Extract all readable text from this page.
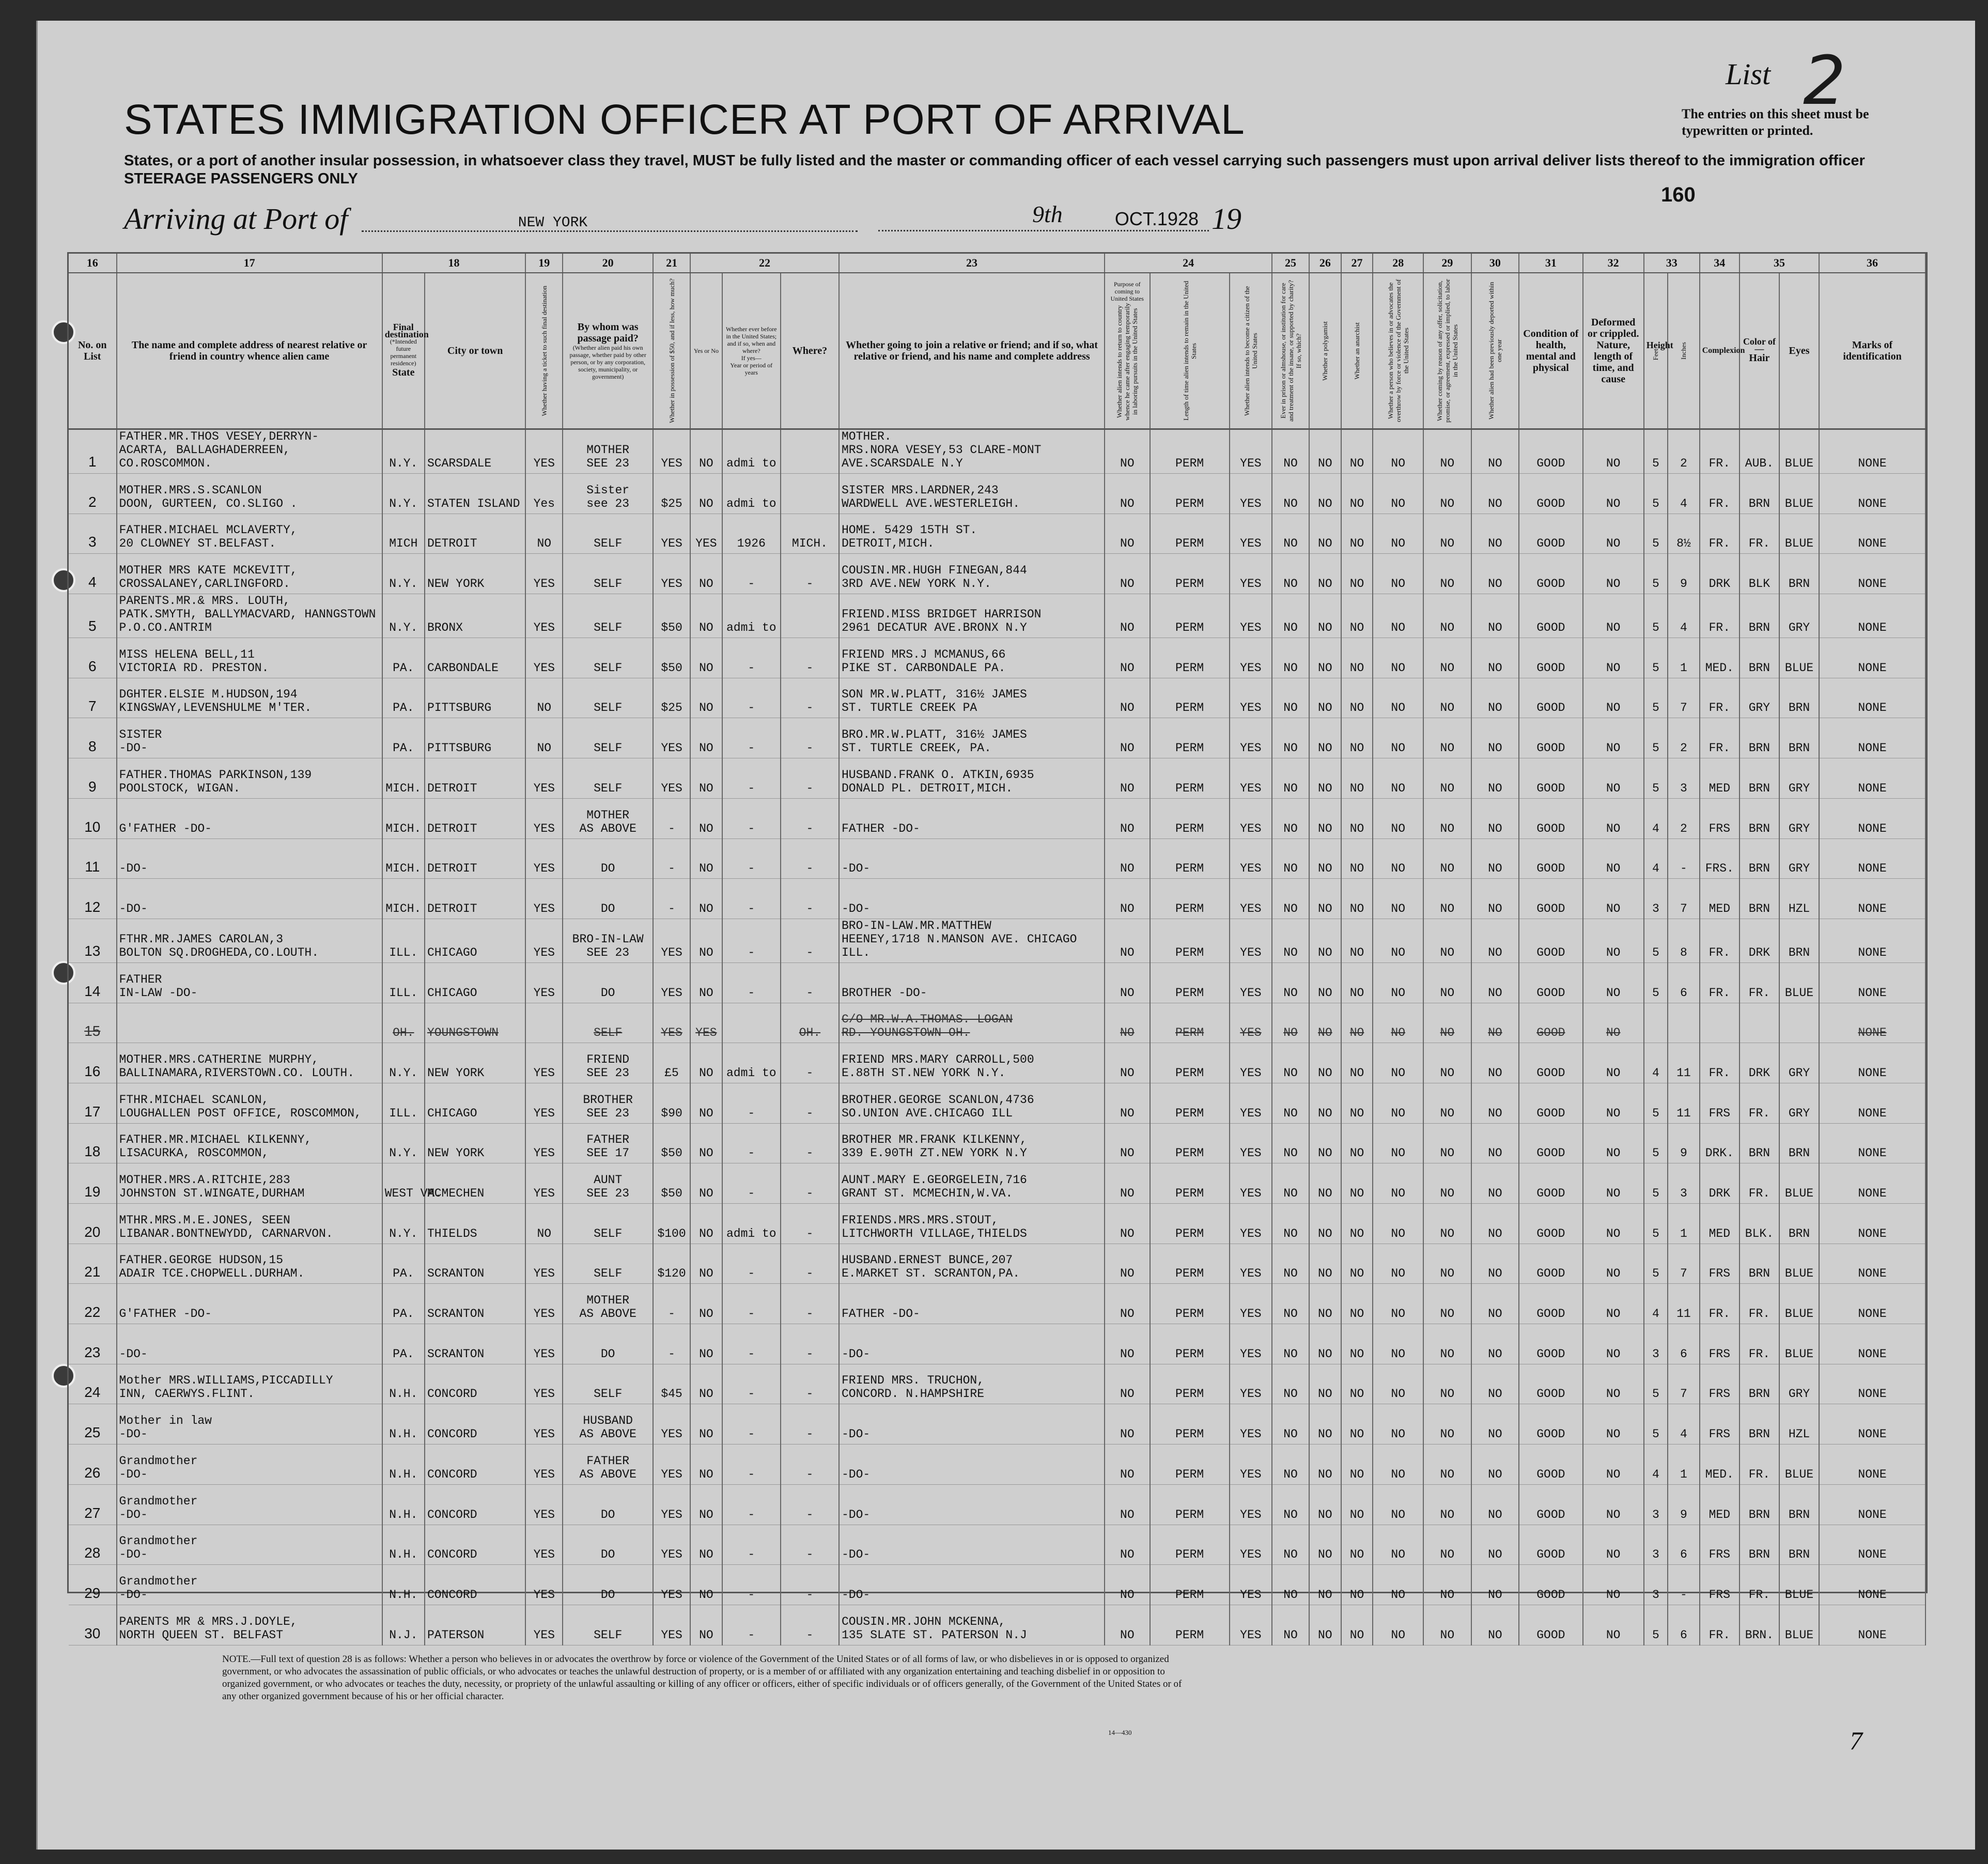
List 2
The entries on this sheet must be typewritten or printed.
STATES IMMIGRATION OFFICER AT PORT OF ARRIVAL
States, or a port of another insular possession, in whatsoever class they travel, MUST be fully listed and the master or commanding officer of each vessel carrying such passengers must upon arrival deliver lists thereof to the immigration officer
STEERAGE PASSENGERS ONLY
160
Arriving at Port of	NEW YORK	OCT.1928
9th	19
16	17	18		19	20	21	22			23	24			25	26	27	28	29	30	31	32	33		34	35		36
No. on List	The name and complete address of nearest relative or friend in country whence alien came	Final destination
(*Intended future permanent residence)
State	City or town	Whether having a ticket to such final destination	By whom was passage paid?
(Whether alien paid his own passage, whether paid by other person, or by any corporation, society, municipality, or government)	Whether in possession of $50, and if less, how much?	Yes or No	Whether ever before in the United States; and if so, when and where?
If yes—
Year or period of years	Where?	Whether going to join a relative or friend; and if so, what relative or friend, and his name and complete address	Purpose of coming to United States
Whether alien intends to return to country whence he came after engaging temporarily in laboring pursuits in the United States	Length of time alien intends to remain in the United States	Whether alien intends to become a citizen of the United States	Ever in prison or almshouse, or institution for care and treatment of the insane, or supported by charity? If so, which?	Whether a polygamist	Whether an anarchist	Whether a person who believes in or advocates the overthrow by force or violence of the Government of the United States	Whether coming by reason of any offer, solicitation, promise, or agreement, expressed or implied, to labor in the United States	Whether alien had been previously deported within one year	Condition of health, mental and physical	Deformed or crippled. Nature, length of time, and cause	Height
Feet	Inches	Complexion	Color of—
Hair	Eyes	Marks of identification
1	FATHER.MR.THOS VESEY,DERRYN-
ACARTA, BALLAGHADERREEN, CO.ROSCOMMON.	N.Y.	SCARSDALE	YES	MOTHER
SEE 23	YES	NO	admi to		MOTHER.
MRS.NORA VESEY,53 CLARE-MONT AVE.SCARSDALE N.Y	NO	PERM	YES	NO	NO	NO	NO	NO	NO	GOOD	NO	5	2	FR.	AUB.	BLUE	NONE
2	MOTHER.MRS.S.SCANLON
DOON, GURTEEN, CO.SLIGO .	N.Y.	STATEN ISLAND	Yes	Sister
see 23	$25	NO	admi to		SISTER MRS.LARDNER,243
WARDWELL AVE.WESTERLEIGH.	NO	PERM	YES	NO	NO	NO	NO	NO	NO	GOOD	NO	5	4	FR.	BRN	BLUE	NONE
3	FATHER.MICHAEL MCLAVERTY,
20 CLOWNEY ST.BELFAST.	MICH	DETROIT	NO	SELF	YES	YES	1926	MICH.	HOME. 5429 15TH ST.
DETROIT,MICH.	NO	PERM	YES	NO	NO	NO	NO	NO	NO	GOOD	NO	5	8½	FR.	FR.	BLUE	NONE
4	MOTHER MRS KATE MCKEVITT,
CROSSALANEY,CARLINGFORD.	N.Y.	NEW YORK	YES	SELF	YES	NO	-	-	COUSIN.MR.HUGH FINEGAN,844
3RD AVE.NEW YORK N.Y.	NO	PERM	YES	NO	NO	NO	NO	NO	NO	GOOD	NO	5	9	DRK	BLK	BRN	NONE
5	PARENTS.MR.& MRS. LOUTH,
PATK.SMYTH, BALLYMACVARD, HANNGSTOWN P.O.CO.ANTRIM	N.Y.	BRONX	YES	SELF	$50	NO	admi to		FRIEND.MISS BRIDGET HARRISON
2961 DECATUR AVE.BRONX N.Y	NO	PERM	YES	NO	NO	NO	NO	NO	NO	GOOD	NO	5	4	FR.	BRN	GRY	NONE
6	MISS HELENA BELL,11
VICTORIA RD. PRESTON.	PA.	CARBONDALE	YES	SELF	$50	NO	-	-	FRIEND MRS.J MCMANUS,66
PIKE ST. CARBONDALE PA.	NO	PERM	YES	NO	NO	NO	NO	NO	NO	GOOD	NO	5	1	MED.	BRN	BLUE	NONE
7	DGHTER.ELSIE M.HUDSON,194
KINGSWAY,LEVENSHULME M'TER.	PA.	PITTSBURG	NO	SELF	$25	NO	-	-	SON MR.W.PLATT, 316½ JAMES
ST. TURTLE CREEK PA	NO	PERM	YES	NO	NO	NO	NO	NO	NO	GOOD	NO	5	7	FR.	GRY	BRN	NONE
8	SISTER
-DO-	PA.	PITTSBURG	NO	SELF	YES	NO	-	-	BRO.MR.W.PLATT, 316½ JAMES
ST. TURTLE CREEK, PA.	NO	PERM	YES	NO	NO	NO	NO	NO	NO	GOOD	NO	5	2	FR.	BRN	BRN	NONE
9	FATHER.THOMAS PARKINSON,139
POOLSTOCK, WIGAN.	MICH.	DETROIT	YES	SELF	YES	NO	-	-	HUSBAND.FRANK O. ATKIN,6935
DONALD PL. DETROIT,MICH.	NO	PERM	YES	NO	NO	NO	NO	NO	NO	GOOD	NO	5	3	MED	BRN	GRY	NONE
10	G'FATHER -DO-	MICH.	DETROIT	YES	MOTHER
AS ABOVE	-	NO	-	-	FATHER -DO-	NO	PERM	YES	NO	NO	NO	NO	NO	NO	GOOD	NO	4	2	FRS	BRN	GRY	NONE
11	-DO-	MICH.	DETROIT	YES	DO	-	NO	-	-	-DO-	NO	PERM	YES	NO	NO	NO	NO	NO	NO	GOOD	NO	4	-	FRS.	BRN	GRY	NONE
12	-DO-	MICH.	DETROIT	YES	DO	-	NO	-	-	-DO-	NO	PERM	YES	NO	NO	NO	NO	NO	NO	GOOD	NO	3	7	MED	BRN	HZL	NONE
13	FTHR.MR.JAMES CAROLAN,3
BOLTON SQ.DROGHEDA,CO.LOUTH.	ILL.	CHICAGO	YES	BRO-IN-LAW
SEE 23	YES	NO	-	-	BRO-IN-LAW.MR.MATTHEW
HEENEY,1718 N.MANSON AVE. CHICAGO ILL.	NO	PERM	YES	NO	NO	NO	NO	NO	NO	GOOD	NO	5	8	FR.	DRK	BRN	NONE
14	FATHER
IN-LAW -DO-	ILL.	CHICAGO	YES	DO	YES	NO	-	-	BROTHER -DO-	NO	PERM	YES	NO	NO	NO	NO	NO	NO	GOOD	NO	5	6	FR.	FR.	BLUE	NONE
15		OH.	YOUNGSTOWN		SELF	YES	YES		OH.	C/O MR.W.A.THOMAS. LOGAN
RD. YOUNGSTOWN OH.	NO	PERM	YES	NO	NO	NO	NO	NO	NO	GOOD	NO						NONE
16	MOTHER.MRS.CATHERINE MURPHY,
BALLINAMARA,RIVERSTOWN.CO. LOUTH.	N.Y.	NEW YORK	YES	FRIEND
SEE 23	£5	NO	admi to	-	FRIEND MRS.MARY CARROLL,500
E.88TH ST.NEW YORK N.Y.	NO	PERM	YES	NO	NO	NO	NO	NO	NO	GOOD	NO	4	11	FR.	DRK	GRY	NONE
17	FTHR.MICHAEL SCANLON,
LOUGHALLEN POST OFFICE, ROSCOMMON,	ILL.	CHICAGO	YES	BROTHER
SEE 23	$90	NO	-	-	BROTHER.GEORGE SCANLON,4736
SO.UNION AVE.CHICAGO ILL	NO	PERM	YES	NO	NO	NO	NO	NO	NO	GOOD	NO	5	11	FRS	FR.	GRY	NONE
18	FATHER.MR.MICHAEL KILKENNY,
LISACURKA, ROSCOMMON,	N.Y.	NEW YORK	YES	FATHER
SEE 17	$50	NO	-	-	BROTHER MR.FRANK KILKENNY,
339 E.90TH ZT.NEW YORK N.Y	NO	PERM	YES	NO	NO	NO	NO	NO	NO	GOOD	NO	5	9	DRK.	BRN	BRN	NONE
19	MOTHER.MRS.A.RITCHIE,283
JOHNSTON ST.WINGATE,DURHAM	WEST VA.	MCMECHEN	YES	AUNT
SEE 23	$50	NO	-	-	AUNT.MARY E.GEORGELEIN,716
GRANT ST. MCMECHIN,W.VA.	NO	PERM	YES	NO	NO	NO	NO	NO	NO	GOOD	NO	5	3	DRK	FR.	BLUE	NONE
20	MTHR.MRS.M.E.JONES, SEEN
LIBANAR.BONTNEWYDD, CARNARVON.	N.Y.	THIELDS	NO	SELF	$100	NO	admi to	-	FRIENDS.MRS.MRS.STOUT,
LITCHWORTH VILLAGE,THIELDS	NO	PERM	YES	NO	NO	NO	NO	NO	NO	GOOD	NO	5	1	MED	BLK.	BRN	NONE
21	FATHER.GEORGE HUDSON,15
ADAIR TCE.CHOPWELL.DURHAM.	PA.	SCRANTON	YES	SELF	$120	NO	-	-	HUSBAND.ERNEST BUNCE,207
E.MARKET ST. SCRANTON,PA.	NO	PERM	YES	NO	NO	NO	NO	NO	NO	GOOD	NO	5	7	FRS	BRN	BLUE	NONE
22	G'FATHER -DO-	PA.	SCRANTON	YES	MOTHER
AS ABOVE	-	NO	-	-	FATHER -DO-	NO	PERM	YES	NO	NO	NO	NO	NO	NO	GOOD	NO	4	11	FR.	FR.	BLUE	NONE
23	-DO-	PA.	SCRANTON	YES	DO	-	NO	-	-	-DO-	NO	PERM	YES	NO	NO	NO	NO	NO	NO	GOOD	NO	3	6	FRS	FR.	BLUE	NONE
24	Mother MRS.WILLIAMS,PICCADILLY
INN, CAERWYS.FLINT.	N.H.	CONCORD	YES	SELF	$45	NO	-	-	FRIEND MRS. TRUCHON,
CONCORD. N.HAMPSHIRE	NO	PERM	YES	NO	NO	NO	NO	NO	NO	GOOD	NO	5	7	FRS	BRN	GRY	NONE
25	Mother in law
-DO-	N.H.	CONCORD	YES	HUSBAND
AS ABOVE	YES	NO	-	-	-DO-	NO	PERM	YES	NO	NO	NO	NO	NO	NO	GOOD	NO	5	4	FRS	BRN	HZL	NONE
26	Grandmother
-DO-	N.H.	CONCORD	YES	FATHER
AS ABOVE	YES	NO	-	-	-DO-	NO	PERM	YES	NO	NO	NO	NO	NO	NO	GOOD	NO	4	1	MED.	FR.	BLUE	NONE
27	Grandmother
-DO-	N.H.	CONCORD	YES	DO	YES	NO	-	-	-DO-	NO	PERM	YES	NO	NO	NO	NO	NO	NO	GOOD	NO	3	9	MED	BRN	BRN	NONE
28	Grandmother
-DO-	N.H.	CONCORD	YES	DO	YES	NO	-	-	-DO-	NO	PERM	YES	NO	NO	NO	NO	NO	NO	GOOD	NO	3	6	FRS	BRN	BRN	NONE
29	Grandmother
-DO-	N.H.	CONCORD	YES	DO	YES	NO	-	-	-DO-	NO	PERM	YES	NO	NO	NO	NO	NO	NO	GOOD	NO	3	-	FRS	FR.	BLUE	NONE
30	PARENTS MR & MRS.J.DOYLE,
NORTH QUEEN ST. BELFAST	N.J.	PATERSON	YES	SELF	YES	NO	-	-	COUSIN.MR.JOHN MCKENNA,
135 SLATE ST. PATERSON N.J	NO	PERM	YES	NO	NO	NO	NO	NO	NO	GOOD	NO	5	6	FR.	BRN.	BLUE	NONE
NOTE.—Full text of question 28 is as follows: Whether a person who believes in or advocates the overthrow by force or violence of the Government of the United States or of all forms of law, or who disbelieves in or is opposed to organized government, or who advocates the assassination of public officials, or who advocates or teaches the unlawful destruction of property, or is a member of or affiliated with any organization entertaining and teaching disbelief in or opposition to organized government, or who advocates or teaches the duty, necessity, or propriety of the unlawful assaulting or killing of any officer or officers, either of specific individuals or of officers generally, of the Government of the United States or of any other organized government because of his or her official character.
14—430	7
